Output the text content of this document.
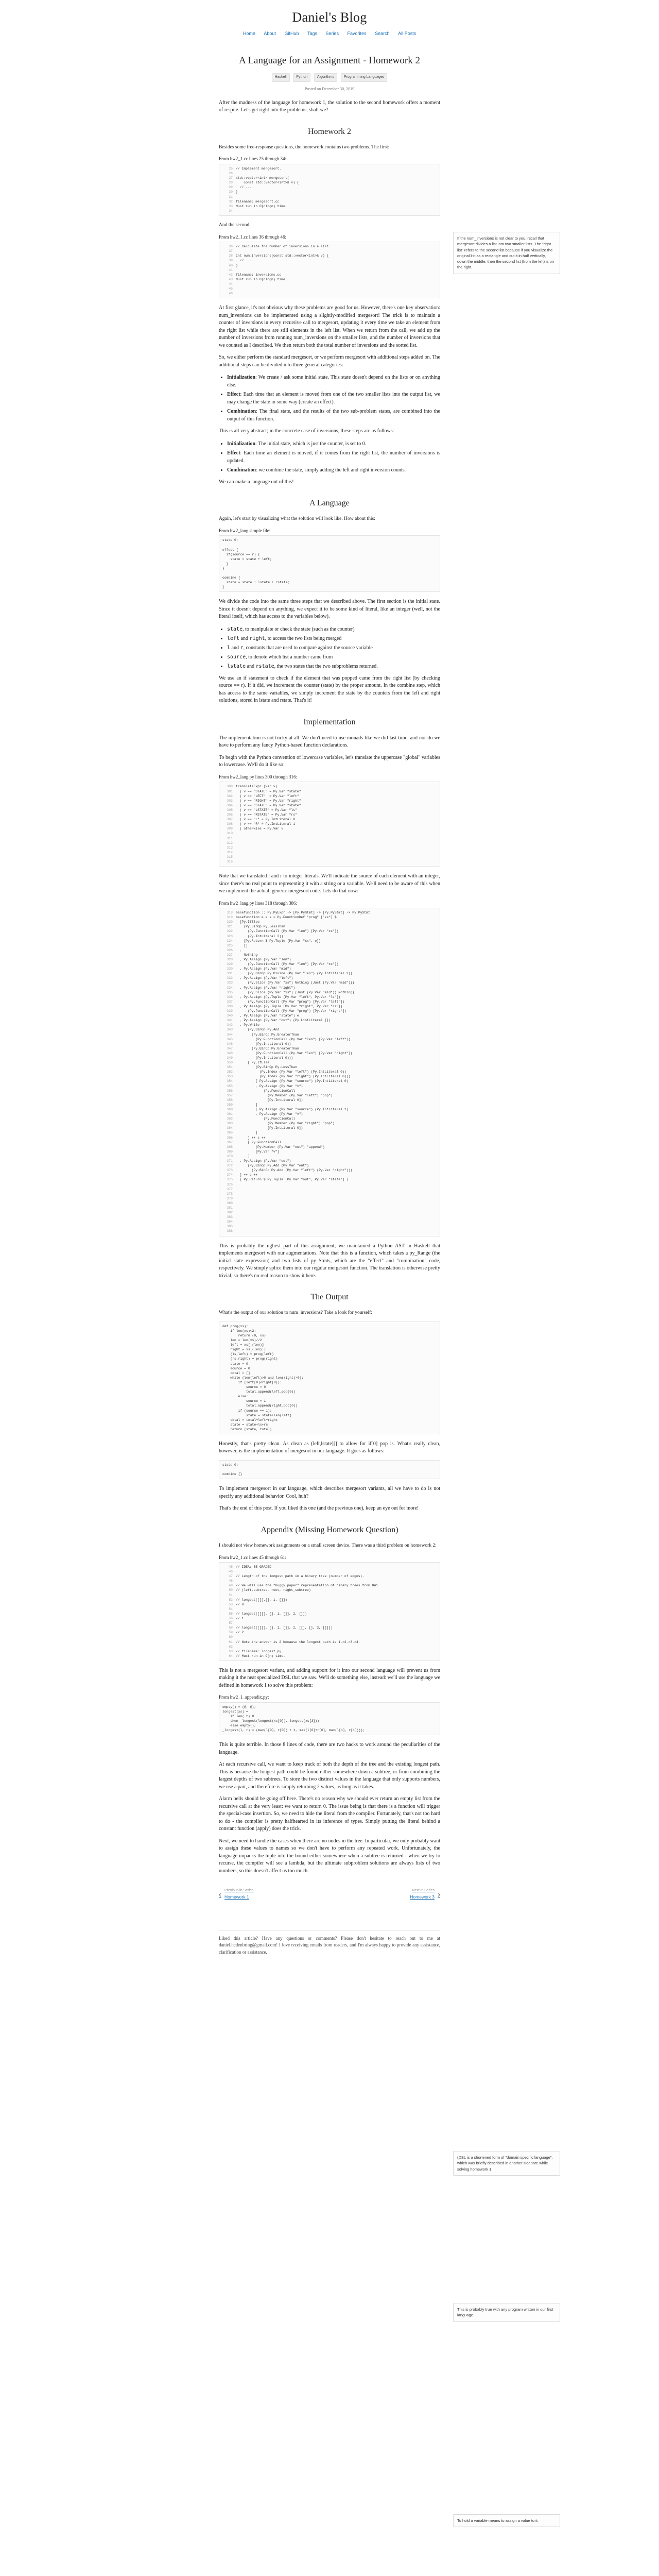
Daniel's Blog
Home About GitHub Tags Series Favorites Search All Posts
If the num_inversions is not clear to you, recall that mergesort divides a list into two smaller lists. The "right list" refers to the second list because if you visualize the original list as a rectangle and cut it in half vertically, down the middle, then the second list (from the left) is on the right.
(DSL is a shortened form of "domain specific language", which was briefly described in another sidenote while solving homework 1.
This is probably true with any program written in our first language.
To hold a variable means to assign a value to it.
A Language for an Assignment - Homework 2
Haskell	Python	Algorithms	Programming Languages
Posted on December 30, 2019

After the madness of the language for homework 1, the solution to the second homework offers a moment of respite. Let's get right into the problems, shall we?

Homework 2

Besides some free-response questions, the homework contains two problems. The first:

From hw2_1.cc lines 25 through 34:
25 // Implement mergesort.
26
27 std::vector<int> mergesort(
28	const std::vector<int>& v) {
29  // ...
30 }
31
32 filename: mergesort.cc
33 Must run in O(nlogn) time.
34

And the second:

From hw2_1.cc lines 36 through 46:
36 // Calculate the number of inversions in a list.
37
38 int num_inversions(const std::vector<int>& v) {
39  // ...
40 }
41
42 filename: inversions.cc
43 Must run in O(nlogn) time.
44
45
46

At first glance, it's not obvious why these problems are good for us. However, there's one key observation: num_inversions can be implemented using a slightly-modified mergesort! The trick is to maintain a counter of inversions in every recursive call to mergesort, updating it every time we take an element from the right list while there are still elements in the left list. When we return from the call, we add up the number of inversions from running num_inversions on the smaller lists, and the number of inversions that we counted as I described. We then return both the total number of inversions and the sorted list.

So, we either perform the standard mergesort, or we perform mergesort with additional steps added on. The additional steps can be divided into three general categories:

• Initialization: We create / ask some initial state. This state doesn't depend on the lists or on anything else.
• Effect: Each time that an element is moved from one of the two smaller lists into the output list, we may change the state in some way (create an effect).
• Combination: The final state, and the results of the two sub-problem states, are combined into the output of this function.

This is all very abstract; in the concrete case of inversions, these steps are as follows:

• Initialization: The initial state, which is just the counter, is set to 0.
• Effect: Each time an element is moved, if it comes from the right list, the number of inversions is updated.
• Combination: we combine the state, simply adding the left and right inversion counts.

We can make a language out of this!

A Language

Again, let's start by visualizing what the solution will look like. How about this:

From hw2_lang.simple file:
state 0;

effect {
if(source == r) {
state = state + left;
}
}

combine {
state = state + lstate + rstate;
}

We divide the code into the same three steps that we described above. The first section is the initial state. Since it doesn't depend on anything, we expect it to be some kind of literal, like an integer (well, not the literal itself, which has access to the variables below).

• state, to manipulate or check the state (such as the counter)
• left and right, to access the two lists being merged
• l and r, constants that are used to compare against the source variable
• source, to denote which list a number came from
• lstate and rstate, the two states that the two subproblems returned.

We use an if statement to check if the element that was popped came from the right list (by checking source == r). If it did, we increment the counter (state) by the proper amount. In the combine step, which has access to the same variables, we simply increment the state by the counters from the left and right solutions, stored in lstate and rstate. That's it!

Implementation

The implementation is not tricky at all. We don't need to use monads like we did last time, and nor do we have to perform any fancy Python-based function declarations.

To begin with the Python convention of lowercase variables, let's translate the uppercase "global" variables to lowercase. We'll do it like so:

From hw2_lang.py lines 300 through 316:
300 translateExpr (Var v)
301  | v == "STATE" = Py.Var "state"
302  | v == "LEFT"  = Py.Var "left"
303  | v == "RIGHT" = Py.Var "right"
304  | v == "STATE" = Py.Var "state"
305  | v == "LSTATE" = Py.Var "ls"
306  | v == "RSTATE" = Py.Var "rs"
307  | v == "L" = Py.IntLiteral 0
308  | v == "R" = Py.IntLiteral 1
309  | otherwise = Py.Var v
310
311
312
313
314
315
316

Note that we translated l and r to integer literals. We'll indicate the source of each element with an integer, since there's no real point to representing it with a string or a variable. We'll need to be aware of this when we implement the actual, generic mergesort code. Lets do that now:

From hw2_lang.py lines 318 through 386:
318 basefunction :: Py.PyExpr -> [Py.PyStmt] -> [Py.PyStmt] -> Py.PyStmt
319 basefunction e e s = Py.FunctionDef "prog" ["xs"] $
320  [Py.IfElse
321	(Py.BinOp Py.LessThan
322	(Py.FunctionCall (Py.Var "len") [Py.Var "xs"])
323	(Py.IntLiteral 2))
324	[Py.Return $ Py.Tuple [Py.Var "xs", e]]
325	[]
326  ,
327	Nothing
328  , Py.Assign (Py.Var "len")
329	(Py.FunctionCall (Py.Var "len") [Py.Var "xs"])
330  , Py.Assign (Py.Var "mid")
331	(Py.BinOp Py.Divide (Py.Var "len") (Py.IntLiteral 2))
332  , Py.Assign (Py.Var "left")
333	(Py.Slice (Py.Var "xs") Nothing (Just (Py.Var "mid")))
334  , Py.Assign (Py.Var "right")
335	(Py.Slice (Py.Var "xs") (Just (Py.Var "mid")) Nothing)
336  , Py.Assign (Py.Tuple [Py.Var "left", Py.Var "ls"])
337	(Py.FunctionCall (Py.Var "prog") [Py.Var "left"])
338  , Py.Assign (Py.Tuple [Py.Var "right", Py.Var "rs"])
339	(Py.FunctionCall (Py.Var "prog") [Py.Var "right"])
340  , Py.Assign (Py.Var "state") e
341  , Py.Assign (Py.Var "out") (Py.ListLiteral [])
342  , Py.While
343	(Py.BinOp Py.And
344	(Py.BinOp Py.GreaterThan
345	(Py.FunctionCall (Py.Var "len") [Py.Var "left"])
346	(Py.IntLiteral 0))
347	(Py.BinOp Py.GreaterThan
348	(Py.FunctionCall (Py.Var "len") [Py.Var "right"])
349	(Py.IntLiteral 0)))
350	[ Py.IfElse
351	(Py.BinOp Py.LessThan
352	(Py.Index (Py.Var "left") (Py.IntLiteral 0))
353	(Py.Index (Py.Var "right") (Py.IntLiteral 0)))
354	[ Py.Assign (Py.Var "source") (Py.IntLiteral 0)
355	, Py.Assign (Py.Var "v")
356	(Py.FunctionCall
357	(Py.Member (Py.Var "left") "pop")
358	[Py.IntLiteral 0])
359	]
360	[ Py.Assign (Py.Var "source") (Py.IntLiteral 1)
361	, Py.Assign (Py.Var "v")
362	(Py.FunctionCall
363	(Py.Member (Py.Var "right") "pop")
364	[Py.IntLiteral 0])
365	]
366	] ++ s ++
367	[ Py.FunctionCall
368	(Py.Member (Py.Var "out") "append")
369	[Py.Var "v"]
370	]
371  , Py.Assign (Py.Var "out")
372	(Py.BinOp Py.Add (Py.Var "out")
373	(Py.BinOp Py.Add (Py.Var "left") (Py.Var "right")))
374  ] ++ c ++
375  [ Py.Return $ Py.Tuple [Py.Var "out", Py.Var "state"] ]
376
377
378
379
380
381
382
383
384
385
386

This is probably the ugliest part of this assignment; we maintained a Python AST in Haskell that implements mergesort with our augmentations. Note that this is a function, which takes a py_Range (the initial state expression) and two lists of py_Stmts, which are the "effect" and "combination" code, respectively. We simply splice them into our regular mergesort function. The translation is otherwise pretty trivial, so there's no real reason to show it here.

The Output

What's the output of our solution to num_inversions? Take a look for yourself:

def prog(xs):
if len(xs)<2:
return (0, xs)
len = len(xs)//2
left = xs[:(len)]
right = xs[(len):]
(ls,left) = prog(left)
(rs,right) = prog(right)
state = 0
source = 0
total = []
while (len(left)>0 and len(right)>0):
if (left[0]<right[0]):
source = 0
total.append(left.pop(0))
else:
source = 1
total.append(right.pop(0))
if (source == 1):
state = state+len(left)
total = total+left+right
state = state+ls+rs
return (state, total)

Honestly, that's pretty clean. As clean as (left,lstate][] to allow for if[0] pop is. What's really clean, however, is the implementation of mergesort in our language. It goes as follows:

state 0;

combine {}

To implement mergesort in our language, which describes mergesort variants, all we have to do is not specify any additional behavior. Cool, huh?

That's the end of this post. If you liked this one (and the previous one), keep an eye out for more!

Appendix (Missing Homework Question)

I should not view homework assignments on a small screen device. There was a third problem on homework 2:

From hw2_1.cc lines 45 through 61:
45 // IDEA: BE GRADED
46
47 // Length of the longest path in a binary tree (number of edges).
48
49 // We will use the "buggy paper" representation of binary trees from HW1.
50 // (left,subtree, root, right_subtree)
51
52 // longest([[],[], 1, []])
53 // 0
54
55 // longest([[[], [], 1, []], 2, []])
56 // 1
57
58 // longest([[[], [], 1, []], 2, [[], [], 3, []]])
59 // 2
60
61 // Note the answer is 2 because the longest path is 1->2->3->4.
62
63 // filename: longest.py
64 // Must run in O(n) time.

This is not a mergesort variant, and adding support for it into our second language will prevent us from making it the neat specialized DSL that we saw. We'll do something else, instead: we'll use the language we defined in homework 1 to solve this problem:

From hw2_1_appendix.py:
empty() = (@, @);
longest(xs) =
if len( t) 0
then _longest(longest(xs[0]), longest(xs[3]))
else empty();
_longest(l, r) = (max(l[0], r[0]) + 1, max(l[0]+r[0], max(l[1], r[1])));

This is quite terrible. In those 8 lines of code, there are two hacks to work around the peculiarities of the language.

At each recursive call, we want to keep track of both the depth of the tree and the existing longest path. This is because the longest path could be found either somewhere down a subtree, or from combining the largest depths of two subtrees. To store the two distinct values in the language that only supports numbers, we use a pair, and therefore is simply returning 2 values, as long as it takes.

Alarm bells should be going off here. There's no reason why we should ever return an empty list from the recursive call at the very least: we want to return 0. The issue being is that there is a function will trigger the special-case insertion. So, we need to hide the literal from the compiler. Fortunately, that's not too hard to do - the compiler is pretty halfhearted in its inference of types. Simply putting the literal behind a constant function (apply) does the trick.

Next, we need to handle the cases when there are no nodes in the tree. In particular, we only probably want to assign these values to names so we don't have to perform any repeated work. Unfortunately, the language unpacks the tuple into the bound either somewhere when a subtree is returned - when we try to recurse, the compiler will see a lambda, but the ultimate subproblem solutions are always lists of two numbers, so this doesn't affect us too much.

‹ Previous in Series
Homework 1
Next in Series
Homework 3 ›
Liked this article? Have any questions or comments? Please don't hesitate to reach out to me at daniel.hedenbring@gmail.com! I love receiving emails from readers, and I'm always happy to provide any assistance, clarification or assistance.
